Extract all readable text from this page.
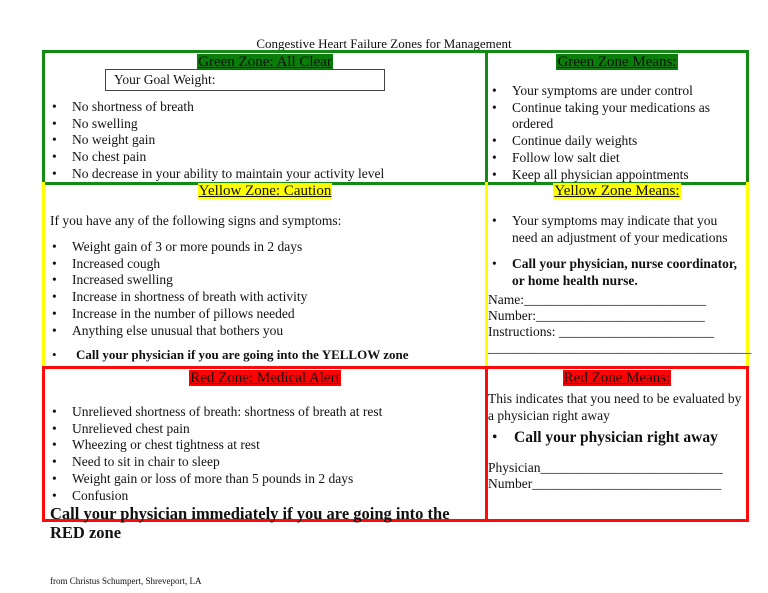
Congestive Heart Failure Zones for Management
Green Zone: All Clear
Your Goal Weight:
• No shortness of breath
• No swelling
• No weight gain
• No chest pain
• No decrease in your ability to maintain your activity level
Green Zone Means:
• Your symptoms are under control
• Continue taking your medications as ordered
• Continue daily weights
• Follow low salt diet
• Keep all physician appointments
Yellow Zone: Caution
If you have any of the following signs and symptoms:
• Weight gain of 3 or more pounds in 2 days
• Increased cough
• Increased swelling
• Increase in shortness of breath with activity
• Increase in the number of pillows needed
• Anything else unusual that bothers you
• Call your physician if you are going into the YELLOW zone
Yellow Zone Means:
• Your symptoms may indicate that you need an adjustment of your medications
• Call your physician, nurse coordinator, or home health nurse.
Name:___________________________
Number:_________________________
Instructions: _______________________
_______________________________________
Red Zone: Medical Alert
• Unrelieved shortness of breath: shortness of breath at rest
• Unrelieved chest pain
• Wheezing or chest tightness at rest
• Need to sit in chair to sleep
• Weight gain or loss of more than 5 pounds in 2 days
• Confusion
Call your physician immediately if you are going into the RED zone
Red Zone Means:
This indicates that you need to be evaluated by a physician right away
• Call your physician right away
Physician___________________________
Number____________________________
from Christus Schumpert, Shreveport, LA
